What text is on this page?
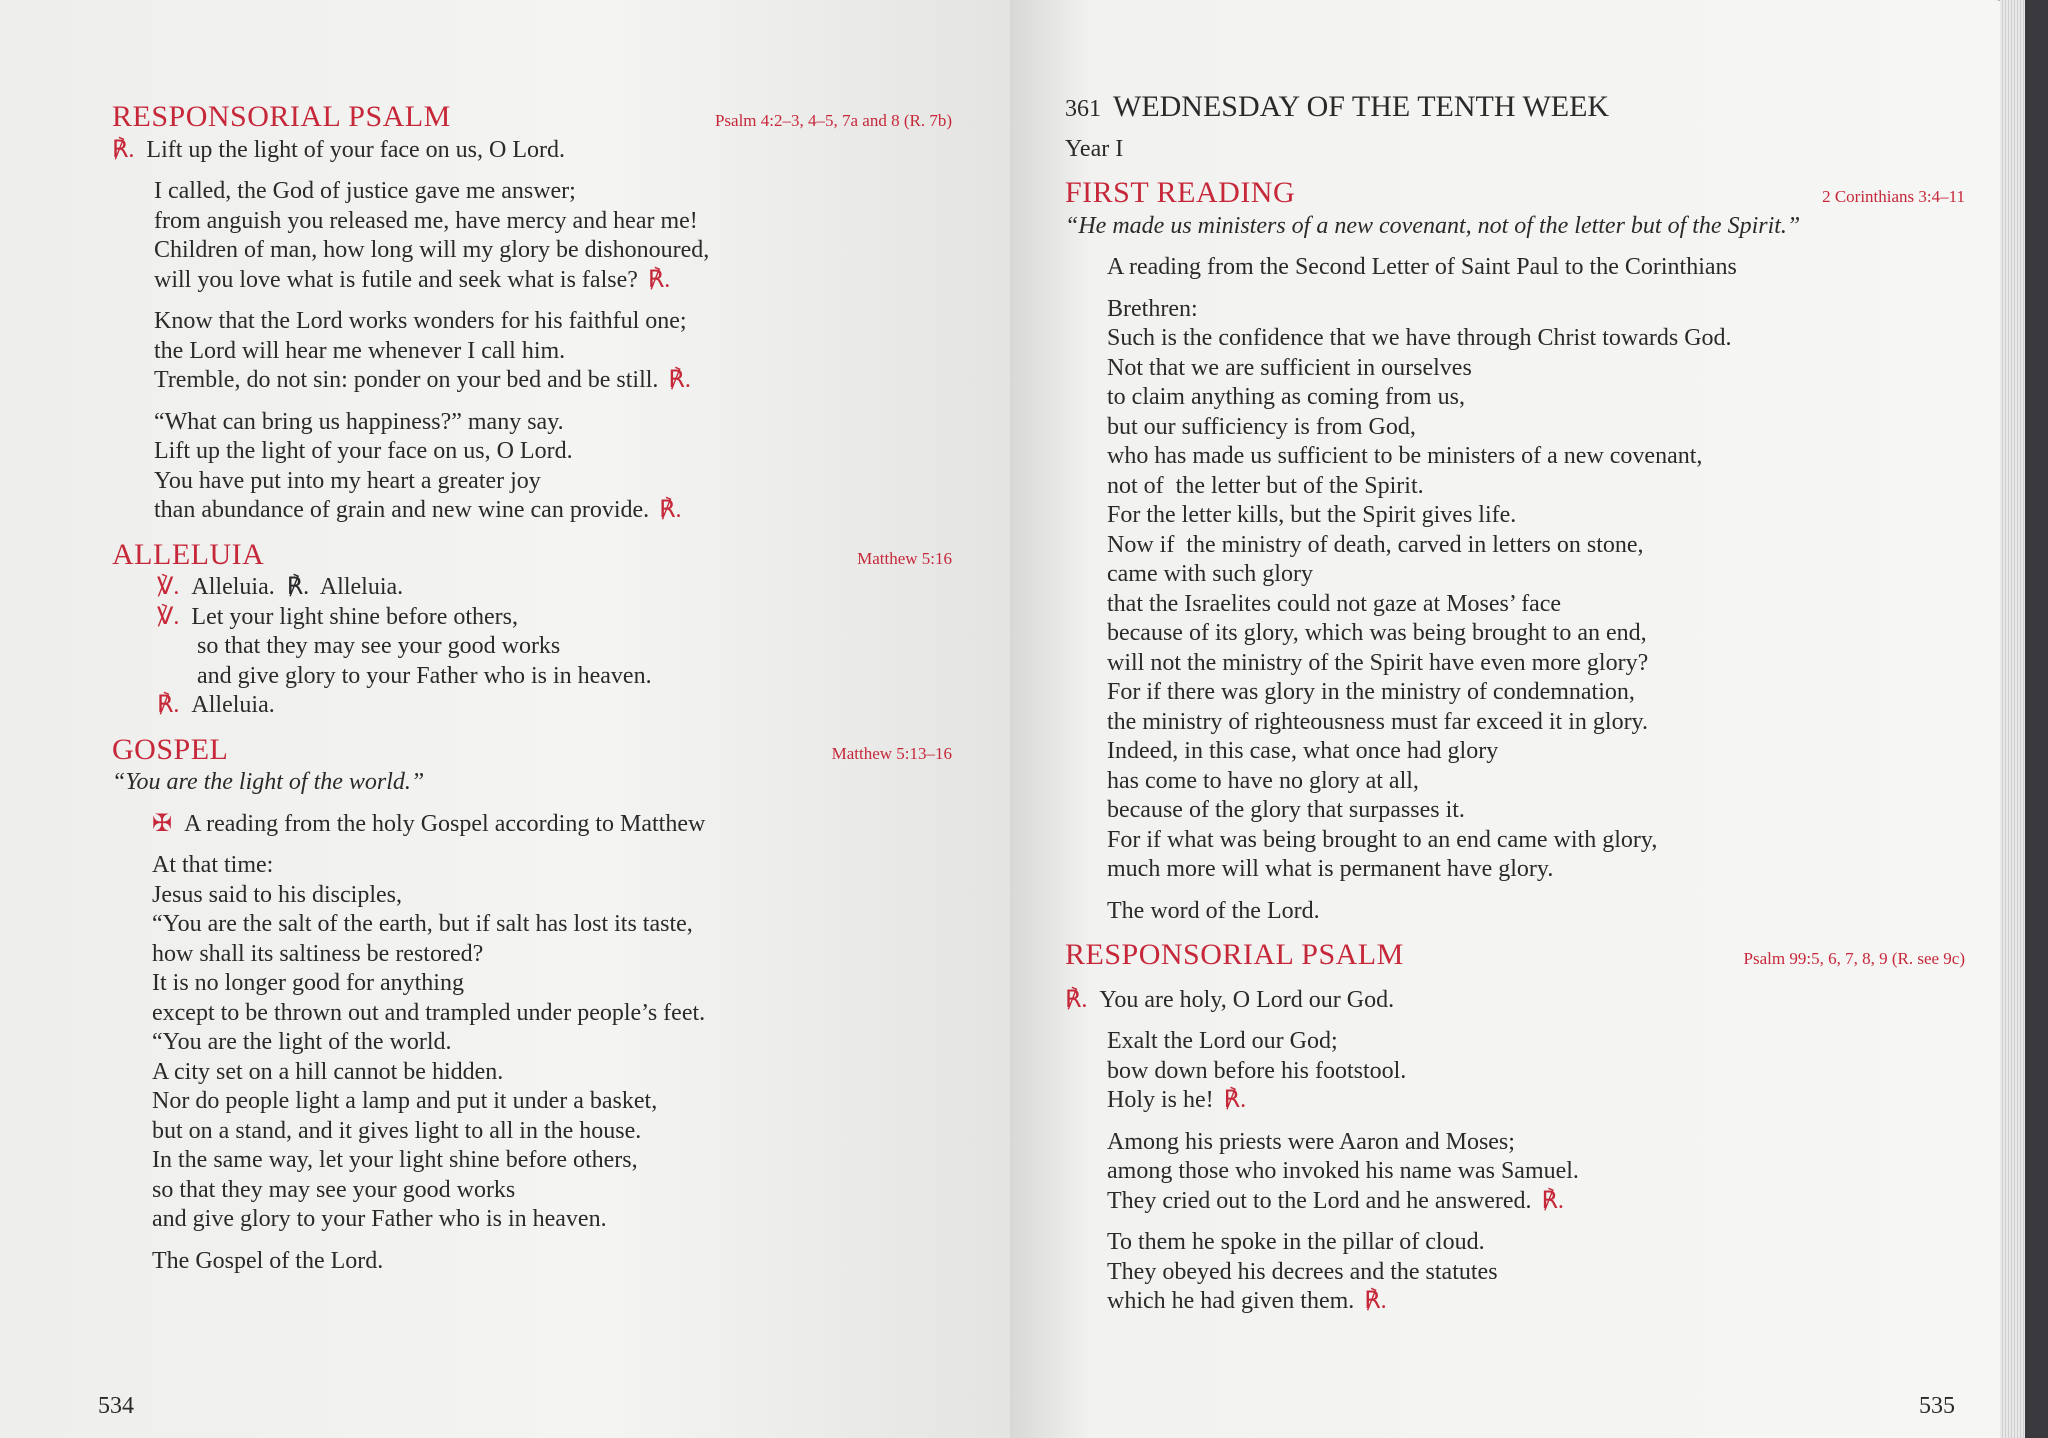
RESPONSORIAL PSALM	Psalm 4:2–3, 4–5, 7a and 8 (R. 7b)
℟. Lift up the light of your face on us, O Lord.
I called, the God of justice gave me answer;
from anguish you released me, have mercy and hear me!
Children of man, how long will my glory be dishonoured,
will you love what is futile and seek what is false? ℟.
Know that the Lord works wonders for his faithful one;
the Lord will hear me whenever I call him.
Tremble, do not sin: ponder on your bed and be still. ℟.
“What can bring us happiness?” many say.
Lift up the light of your face on us, O Lord.
You have put into my heart a greater joy
than abundance of grain and new wine can provide. ℟.
ALLELUIA	Matthew 5:16
℣. Alleluia.  ℟.  Alleluia.
℣. Let your light shine before others,
so that they may see your good works
and give glory to your Father who is in heaven.
℟. Alleluia.
GOSPEL	Matthew 5:13–16
“You are the light of the world.”
✠ A reading from the holy Gospel according to Matthew
At that time:
Jesus said to his disciples,
“You are the salt of the earth, but if salt has lost its taste,
how shall its saltiness be restored?
It is no longer good for anything
except to be thrown out and trampled under people’s feet.
“You are the light of the world.
A city set on a hill cannot be hidden.
Nor do people light a lamp and put it under a basket,
but on a stand, and it gives light to all in the house.
In the same way, let your light shine before others,
so that they may see your good works
and give glory to your Father who is in heaven.
The Gospel of the Lord.
534
361 WEDNESDAY OF THE TENTH WEEK
Year I
FIRST READING	2 Corinthians 3:4–11
“He made us ministers of a new covenant, not of the letter but of the Spirit.”
A reading from the Second Letter of Saint Paul to the Corinthians
Brethren:
Such is the confidence that we have through Christ towards God.
Not that we are sufficient in ourselves
to claim anything as coming from us,
but our sufficiency is from God,
who has made us sufficient to be ministers of a new covenant,
not of  the letter but of the Spirit.
For the letter kills, but the Spirit gives life.
Now if  the ministry of death, carved in letters on stone,
came with such glory
that the Israelites could not gaze at Moses’ face
because of its glory, which was being brought to an end,
will not the ministry of the Spirit have even more glory?
For if there was glory in the ministry of condemnation,
the ministry of righteousness must far exceed it in glory.
Indeed, in this case, what once had glory
has come to have no glory at all,
because of the glory that surpasses it.
For if what was being brought to an end came with glory,
much more will what is permanent have glory.
The word of the Lord.
RESPONSORIAL PSALM	Psalm 99:5, 6, 7, 8, 9 (R. see 9c)
℟. You are holy, O Lord our God.
Exalt the Lord our God;
bow down before his footstool.
Holy is he! ℟.
Among his priests were Aaron and Moses;
among those who invoked his name was Samuel.
They cried out to the Lord and he answered. ℟.
To them he spoke in the pillar of cloud.
They obeyed his decrees and the statutes
which he had given them. ℟.
535
